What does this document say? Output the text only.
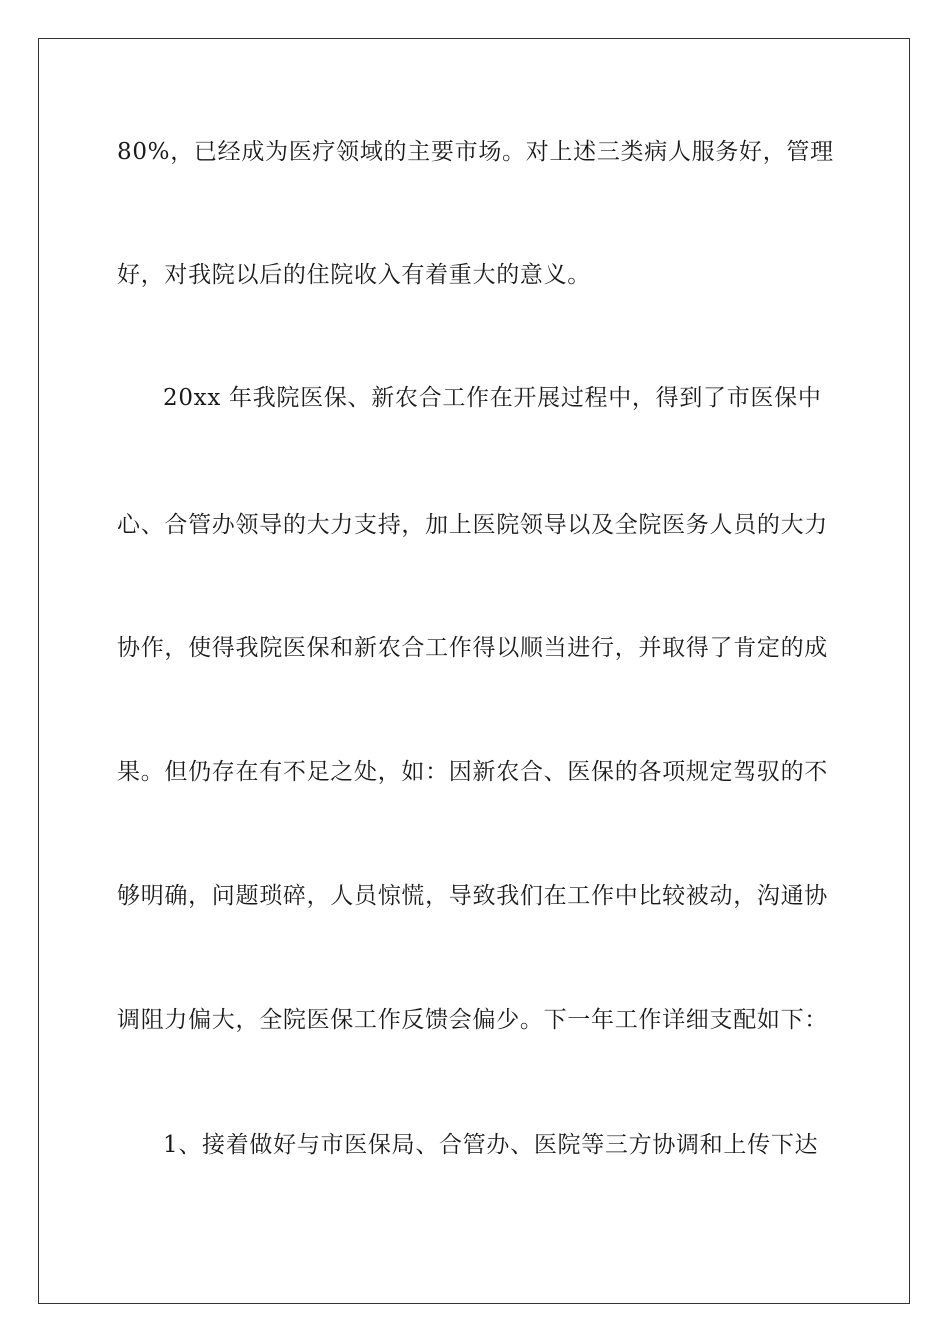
80%，已经成为医疗领域的主要市场。对上述三类病人服务好，管理
好，对我院以后的住院收入有着重大的意义。
20xx 年我院医保、新农合工作在开展过程中，得到了市医保中
心、合管办领导的大力支持，加上医院领导以及全院医务人员的大力
协作，使得我院医保和新农合工作得以顺当进行，并取得了肯定的成
果。但仍存在有不足之处，如：因新农合、医保的各项规定驾驭的不
够明确，问题琐碎，人员惊慌，导致我们在工作中比较被动，沟通协
调阻力偏大，全院医保工作反馈会偏少。下一年工作详细支配如下：
1、接着做好与市医保局、合管办、医院等三方协调和上传下达
